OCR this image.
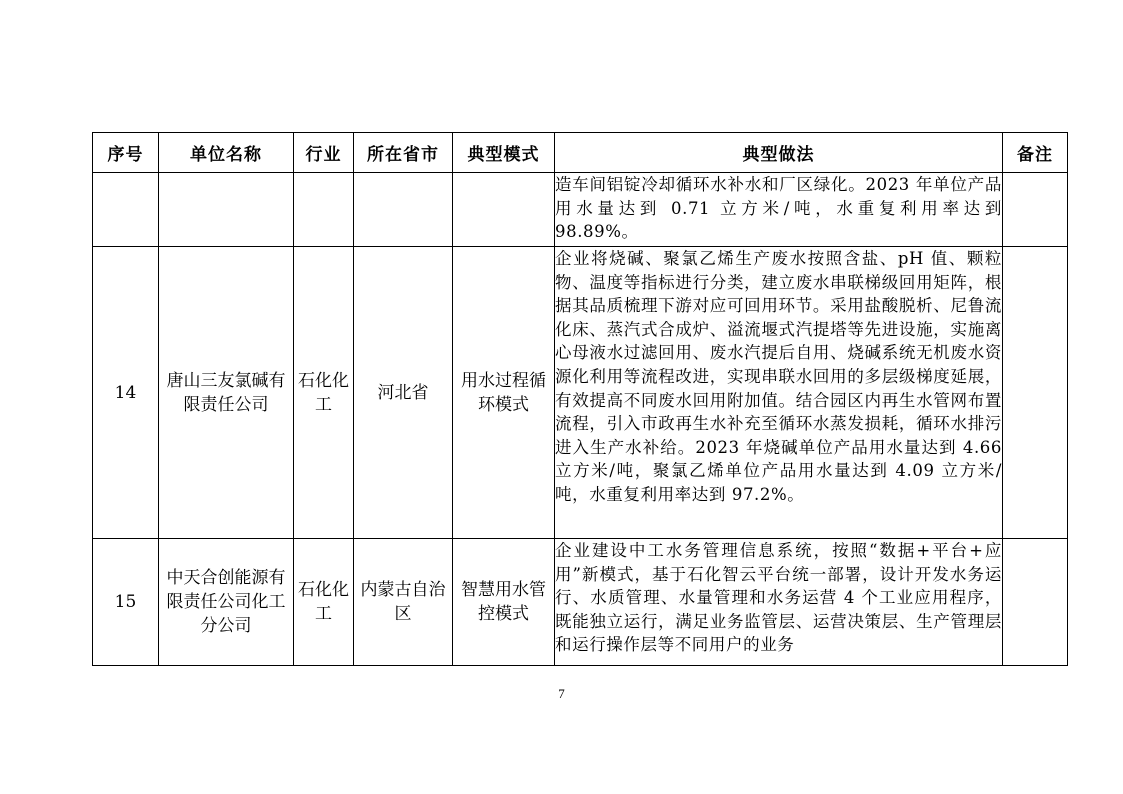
序号	单位名称	行业	所在省市	典型模式	典型做法	备注
					造车间铝锭冷却循环水补水和厂区绿化。2023 年单位产品用水量达到 0.71 立方米/吨，水重复利用率达到 98.89%。	
14	唐山三友氯碱有限责任公司	石化化工	河北省	用水过程循环模式	企业将烧碱、聚氯乙烯生产废水按照含盐、pH 值、颗粒物、温度等指标进行分类，建立废水串联梯级回用矩阵，根据其品质梳理下游对应可回用环节。采用盐酸脱析、尼鲁流化床、蒸汽式合成炉、溢流堰式汽提塔等先进设施，实施离心母液水过滤回用、废水汽提后自用、烧碱系统无机废水资源化利用等流程改进，实现串联水回用的多层级梯度延展，有效提高不同废水回用附加值。结合园区内再生水管网布置流程，引入市政再生水补充至循环水蒸发损耗，循环水排污进入生产水补给。2023 年烧碱单位产品用水量达到 4.66 立方米/吨，聚氯乙烯单位产品用水量达到 4.09 立方米/吨，水重复利用率达到 97.2%。	
15	中天合创能源有限责任公司化工分公司	石化化工	内蒙古自治区	智慧用水管控模式	企业建设中工水务管理信息系统，按照“数据+平台+应用”新模式，基于石化智云平台统一部署，设计开发水务运行、水质管理、水量管理和水务运营 4 个工业应用程序，既能独立运行，满足业务监管层、运营决策层、生产管理层和运行操作层等不同用户的业务	

7
